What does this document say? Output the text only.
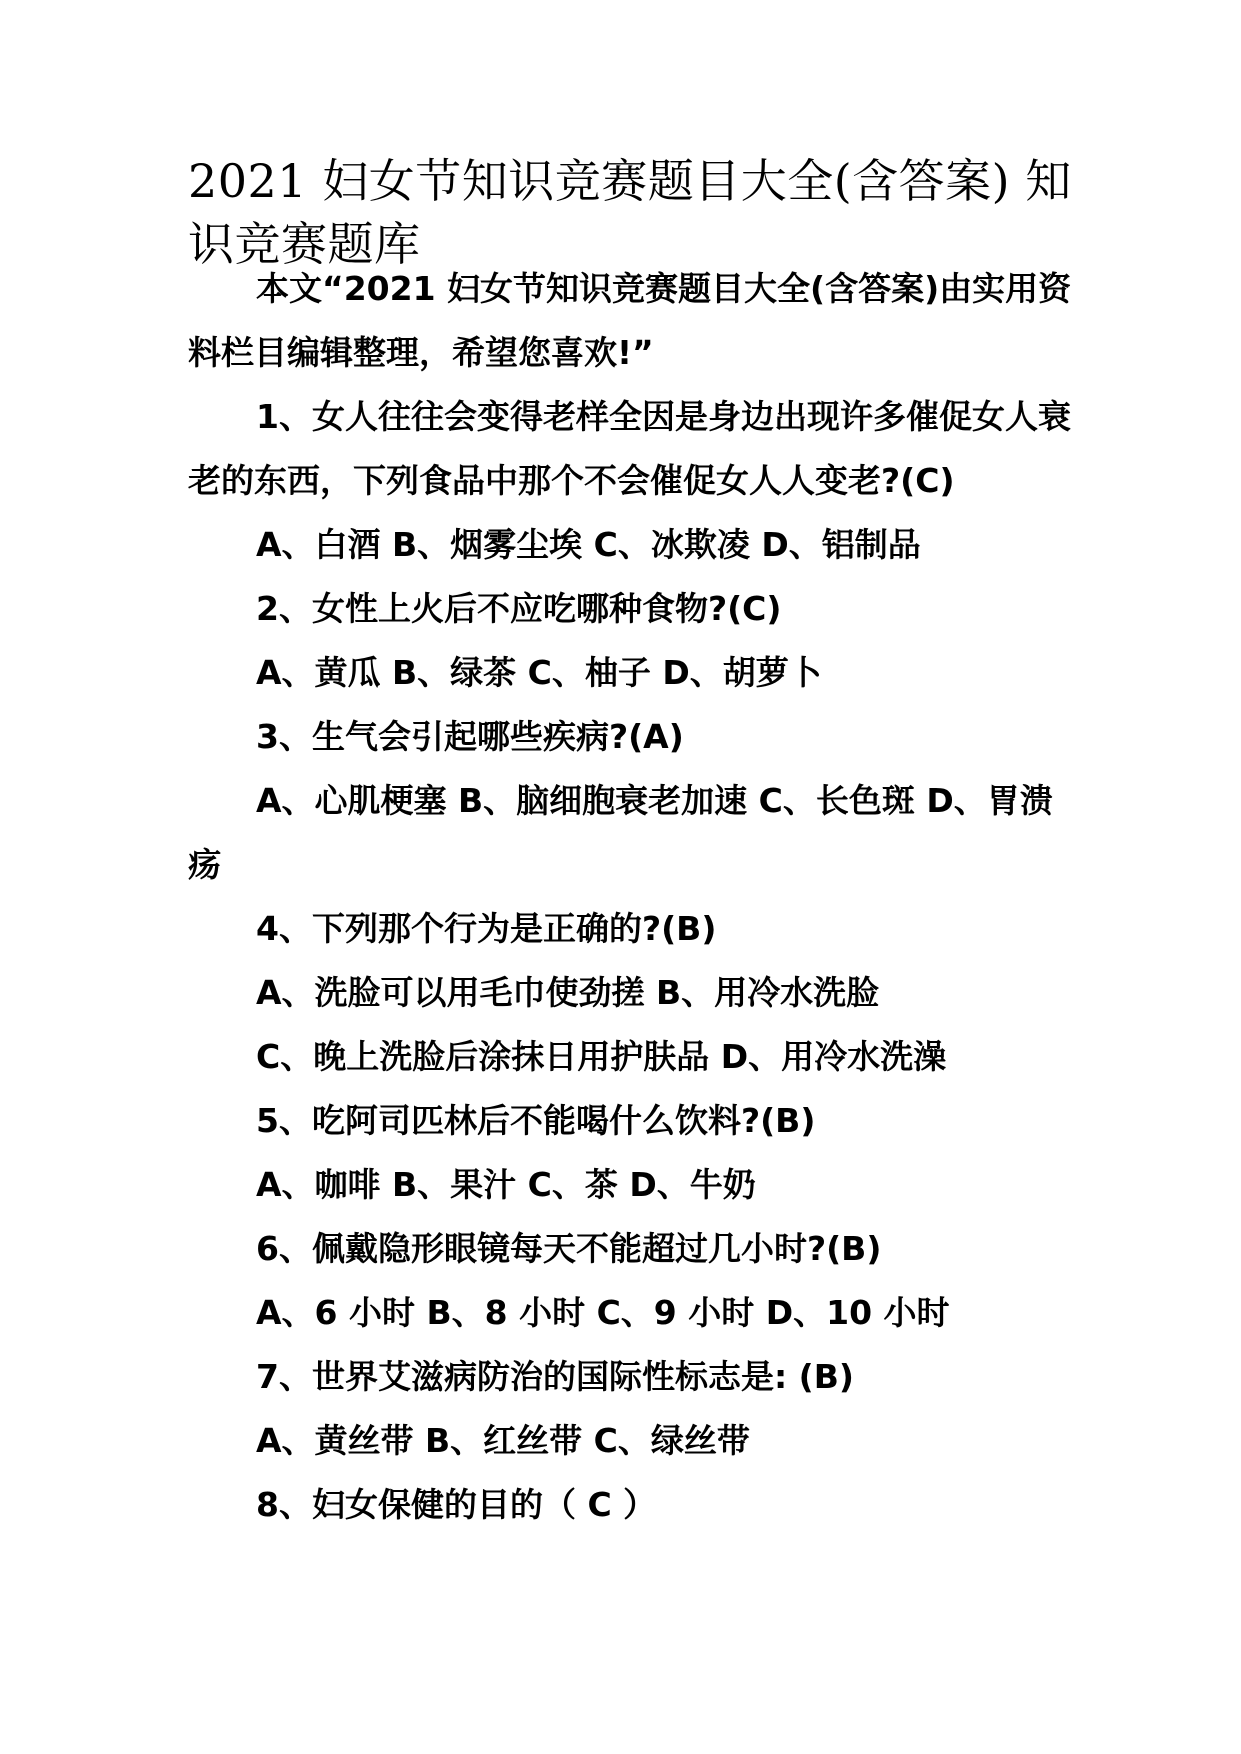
2021 妇女节知识竞赛题目大全(含答案) 知识竞赛题库

本文“2021 妇女节知识竞赛题目大全(含答案)由实用资料栏目编辑整理，希望您喜欢!”

1、女人往往会变得老样全因是身边出现许多催促女人衰老的东西，下列食品中那个不会催促女人人变老?(C)

A、白酒 B、烟雾尘埃 C、冰欺凌 D、铝制品

2、女性上火后不应吃哪种食物?(C)

A、黄瓜 B、绿茶 C、柚子 D、胡萝卜

3、生气会引起哪些疾病?(A)

A、心肌梗塞 B、脑细胞衰老加速 C、长色斑 D、胃溃疡

4、下列那个行为是正确的?(B)

A、洗脸可以用毛巾使劲搓 B、用冷水洗脸

C、晚上洗脸后涂抹日用护肤品 D、用冷水洗澡

5、吃阿司匹林后不能喝什么饮料?(B)

A、咖啡 B、果汁 C、茶 D、牛奶

6、佩戴隐形眼镜每天不能超过几小时?(B)

A、6 小时 B、8 小时 C、9 小时 D、10 小时

7、世界艾滋病防治的国际性标志是: (B)

A、黄丝带 B、红丝带 C、绿丝带

8、妇女保健的目的（ C ）
